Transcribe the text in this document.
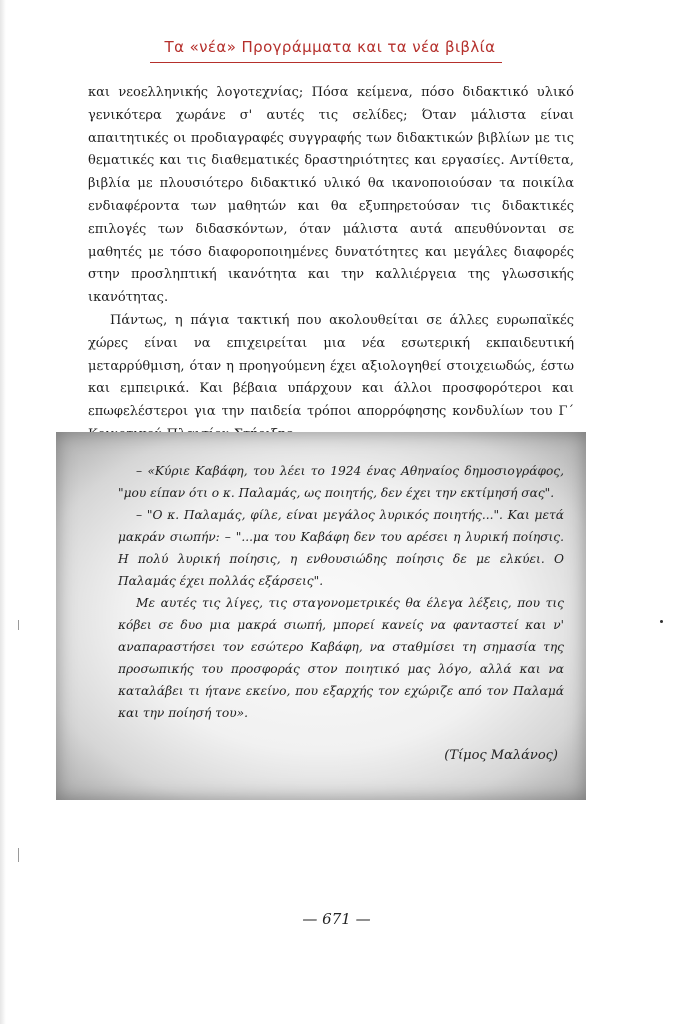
Τα «νέα» Προγράμματα και τα νέα βιβλία

και νεοελληνικής λογοτεχνίας; Πόσα κείμενα, πόσο διδακτικό υλικό γενικότερα χωράνε σ' αυτές τις σελίδες; Όταν μάλιστα είναι απαιτητικές οι προδιαγραφές συγγραφής των διδακτικών βιβλίων με τις θεματικές και τις διαθεματικές δραστηριότητες και εργασίες. Αντίθετα, βιβλία με πλουσιότερο διδακτικό υλικό θα ικανοποιούσαν τα ποικίλα ενδιαφέροντα των μαθητών και θα εξυπηρετούσαν τις διδακτικές επιλογές των διδασκόντων, όταν μάλιστα αυτά απευθύνονται σε μαθητές με τόσο διαφοροποιημένες δυνατότητες και μεγάλες διαφορές στην προσληπτική ικανότητα και την καλλιέργεια της γλωσσικής ικανότητας.

Πάντως, η πάγια τακτική που ακολουθείται σε άλλες ευρωπαϊκές χώρες είναι να επιχειρείται μια νέα εσωτερική εκπαιδευτική μεταρρύθμιση, όταν η προηγούμενη έχει αξιολογηθεί στοιχειωδώς, έστω και εμπειρικά. Και βέβαια υπάρχουν και άλλοι προσφορότεροι και επωφελέστεροι για την παιδεία τρόποι απορρόφησης κονδυλίων του Γ΄

– «Κύριε Καβάφη, του λέει το 1924 ένας Αθηναίος δημοσιογράφος, "μου είπαν ότι ο κ. Παλαμάς, ως ποιητής, δεν έχει την εκτίμησή σας".

– "Ο κ. Παλαμάς, φίλε, είναι μεγάλος λυρικός ποιητής...". Και μετά μακράν σιωπήν: – "...μα του Καβάφη δεν του αρέσει η λυρική ποίησις. Η πολύ λυρική ποίησις, η ενθουσιώδης ποίησις δε με ελκύει. Ο Παλαμάς έχει πολλάς εξάρσεις".

Με αυτές τις λίγες, τις σταγονομετρικές θα έλεγα λέξεις, που τις κόβει σε δυο μια μακρά σιωπή, μπορεί κανείς να φανταστεί και ν' αναπαραστήσει τον εσώτερο Καβάφη, να σταθμίσει τη σημασία της προσωπικής του προσφοράς στον ποιητικό μας λόγο, αλλά και να καταλάβει τι ήτανε εκείνο, που εξαρχής τον εχώριζε από τον Παλαμά και την ποίησή του».

(Τίμος Μαλάνος)
— 671 —
